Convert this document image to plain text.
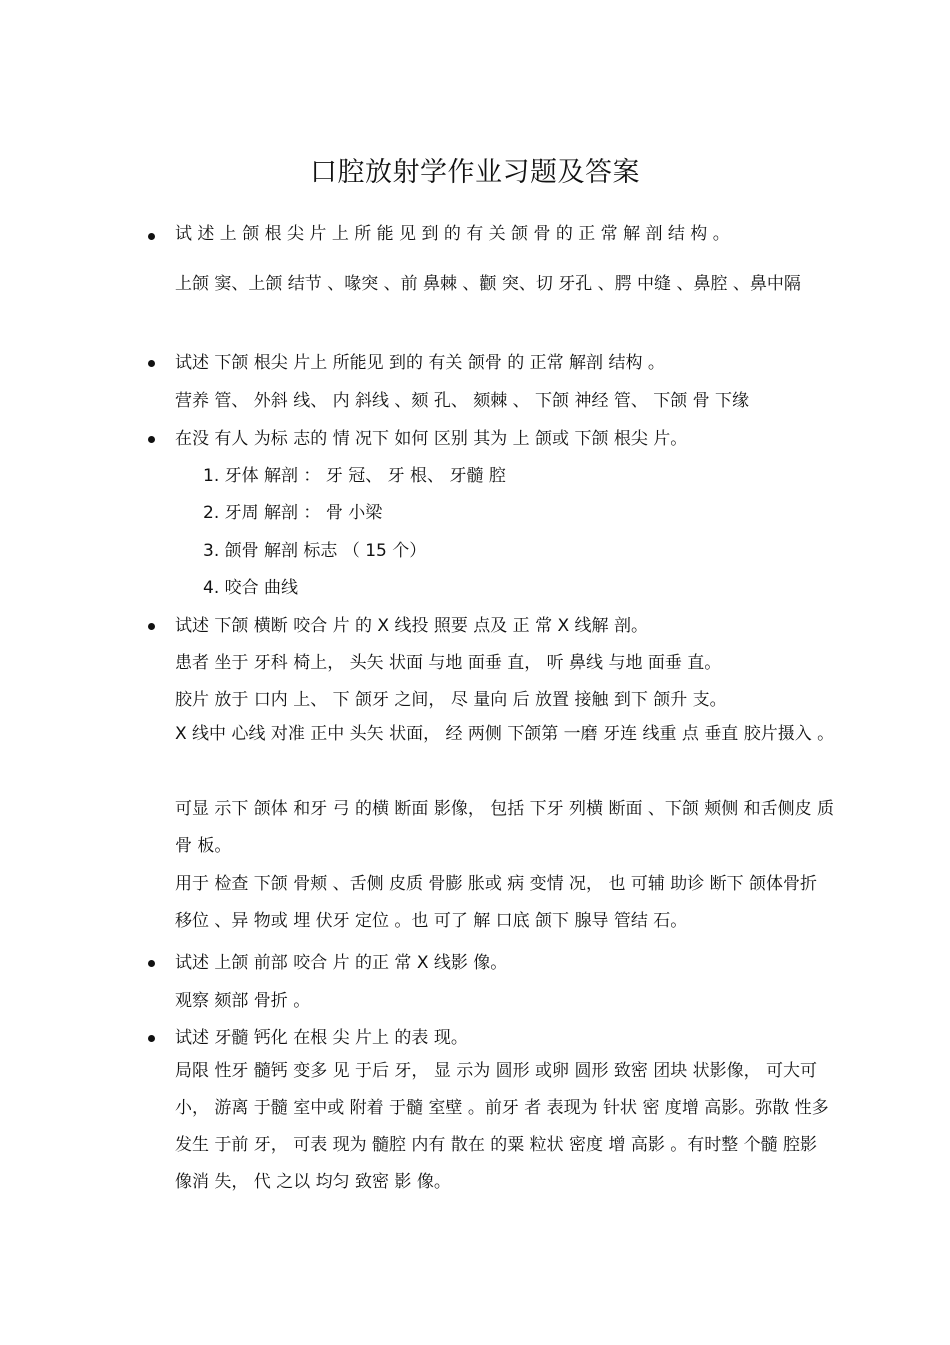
口腔放射学作业习题及答案
试 述 上 颌 根 尖 片 上 所 能 见 到 的 有 关 颌 骨 的 正 常 解 剖 结 构 。
上颌 窦、上颌 结节 、喙突 、前 鼻棘 、颧 突、切 牙孔 、腭 中缝 、鼻腔 、鼻中隔
试述 下颌 根尖 片上 所能见 到的 有关 颌骨 的 正常 解剖 结构 。
营养 管、 外斜 线、 内 斜线 、颏 孔、 颏棘 、 下颌 神经 管、 下颌 骨 下缘
在没 有人 为标 志的 情 况下 如何 区别 其为 上 颌或 下颌 根尖 片。
1. 牙体 解剖 ： 牙 冠、 牙 根、 牙髓 腔
2. 牙周 解剖 ： 骨 小梁
3. 颌骨 解剖 标志 （ 15 个）
4. 咬合 曲线
试述 下颌 横断 咬合 片 的 X 线投 照要 点及 正 常 X 线解 剖。
患者 坐于 牙科 椅上， 头矢 状面 与地 面垂 直， 听 鼻线 与地 面垂 直。
胶片 放于 口内 上、 下 颌牙 之间， 尽 量向 后 放置 接触 到下 颌升 支。
X 线中 心线 对准 正中 头矢 状面， 经 两侧 下颌第 一磨 牙连 线重 点 垂直 胶片摄入 。
可显 示下 颌体 和牙 弓 的横 断面 影像， 包括 下牙 列横 断面 、下颌 颊侧 和舌侧皮 质骨 板。
用于 检查 下颌 骨颊 、舌侧 皮质 骨膨 胀或 病 变情 况， 也 可辅 助诊 断下 颌体骨折 移位 、异 物或 埋 伏牙 定位 。也 可了 解 口底 颌下 腺导 管结 石。
试述 上颌 前部 咬合 片 的正 常 X 线影 像。
观察 颏部 骨折 。
试述 牙髓 钙化 在根 尖 片上 的表 现。
局限 性牙 髓钙 变多 见 于后 牙， 显 示为 圆形 或卵 圆形 致密 团块 状影像， 可大可 小， 游离 于髓 室中或 附着 于髓 室壁 。前牙 者 表现为 针状 密 度增 高影。弥散 性多 发生 于前 牙， 可表 现为 髓腔 内有 散在 的粟 粒状 密度 增 高影 。有时整 个髓 腔影 像消 失， 代 之以 均匀 致密 影 像。
